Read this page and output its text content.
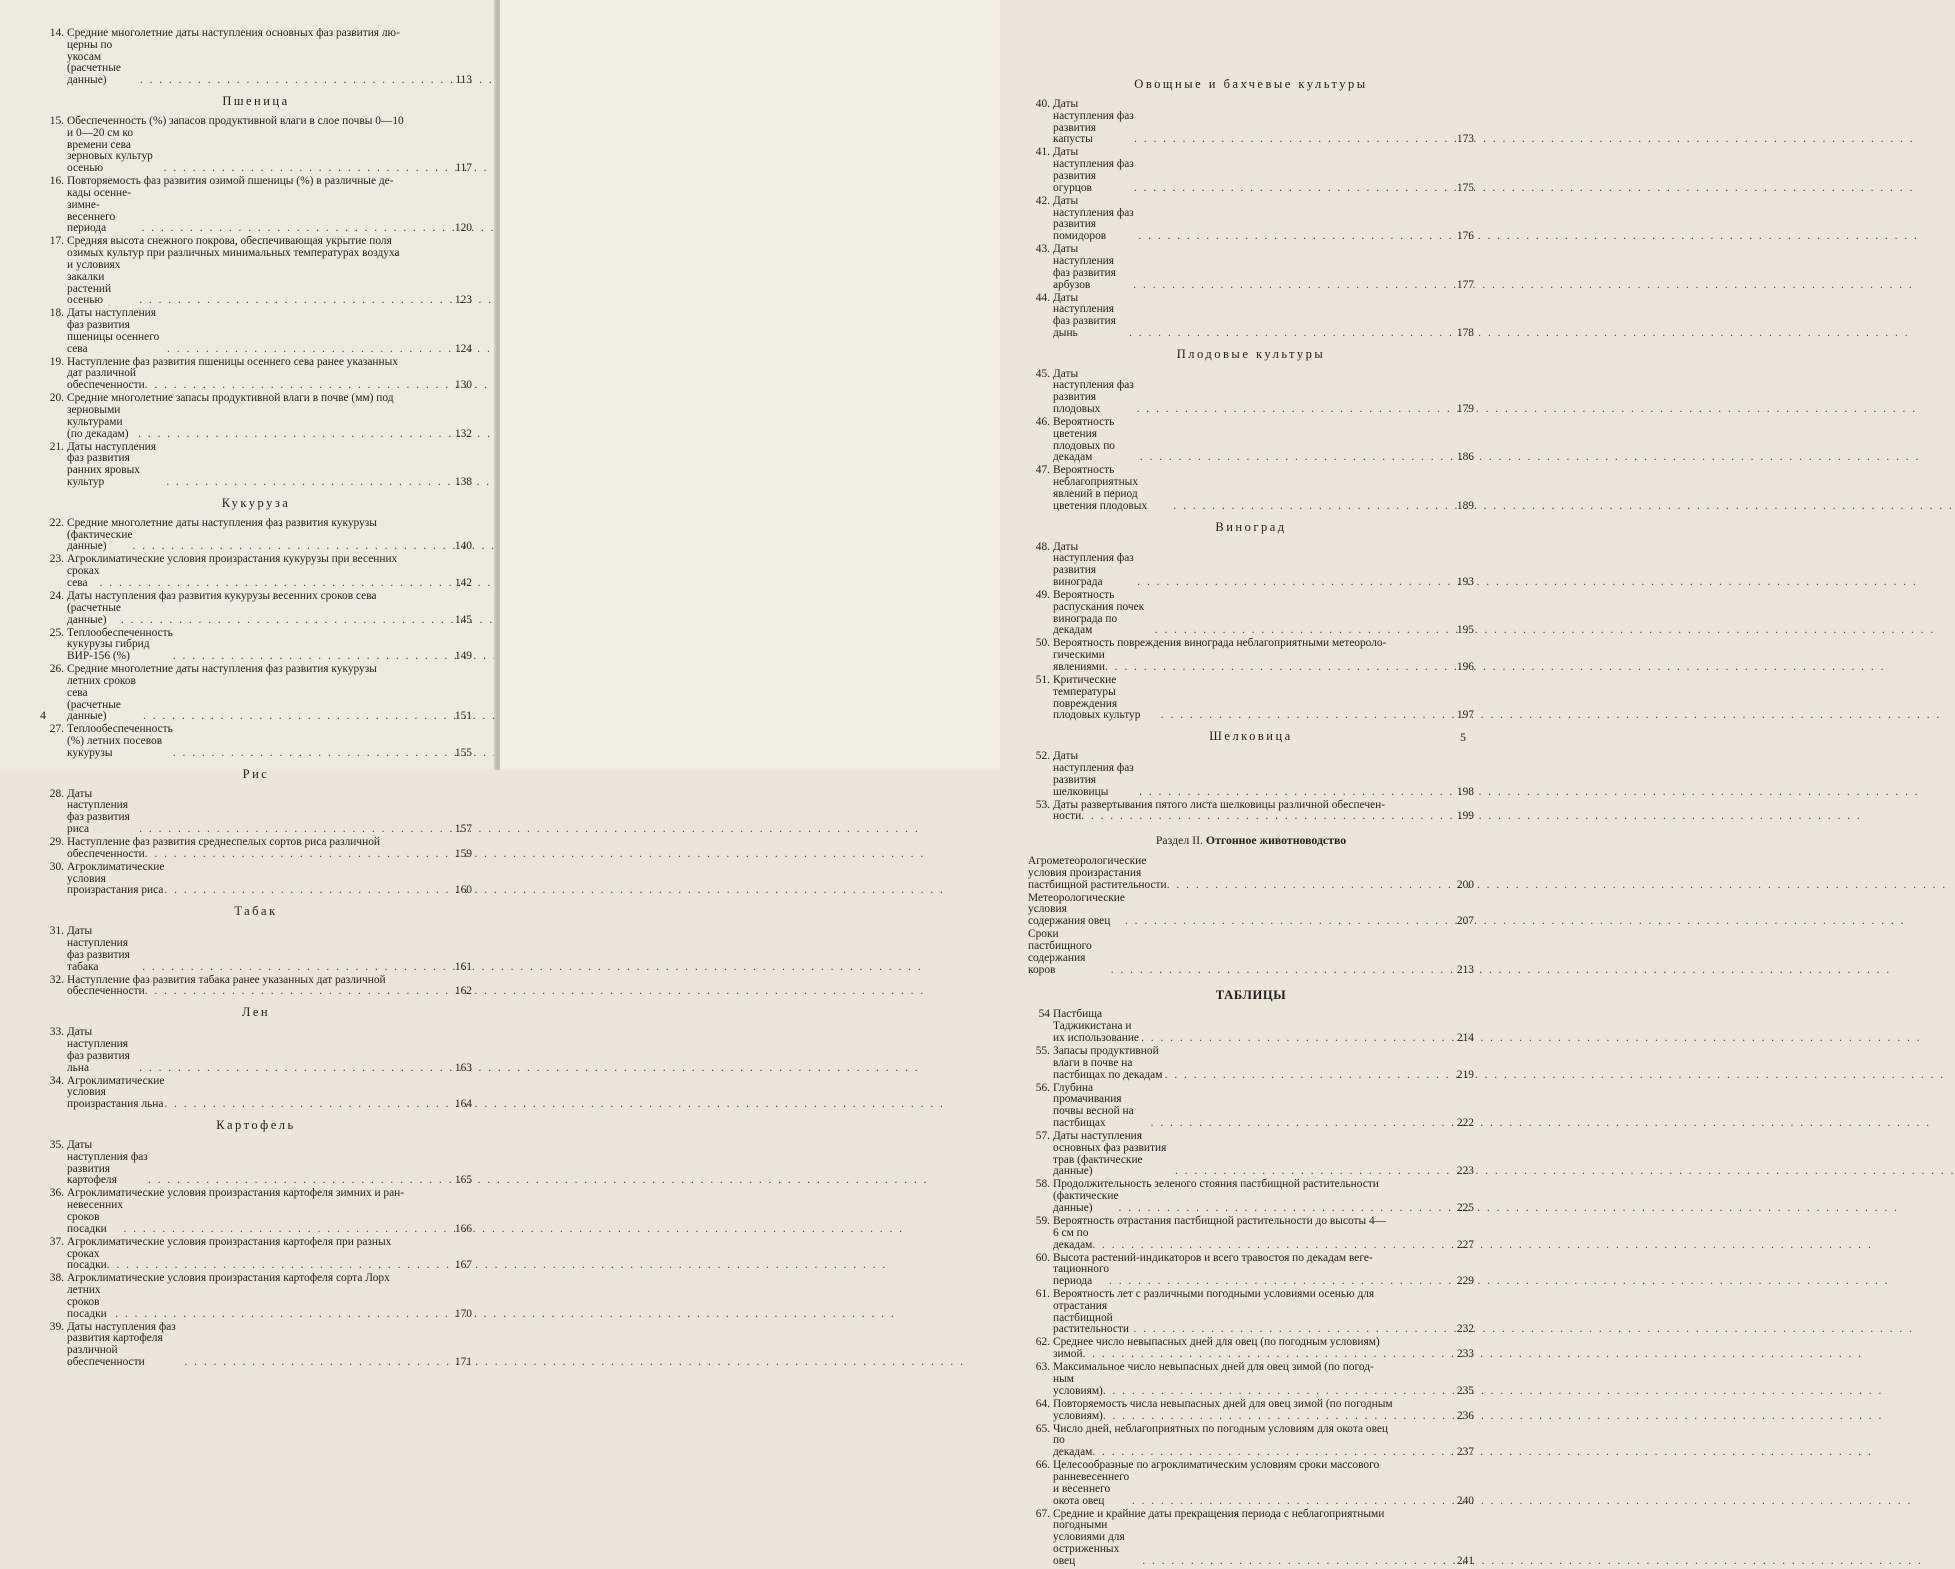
14. Средние многолетние даты наступления основных фаз развития лю-
церны по укосам (расчетные данные) . . .	113
Пшеница
15. Обеспеченность (%) запасов продуктивной влаги в слое почвы 0—10
и 0—20 см ко времени сева зерновых культур осенью . . .	117
16. Повторяемость фаз развития озимой пшеницы (%) в различные де-
кады осенне-зимне-весеннего периода . . .	120
17. Средняя высота снежного покрова, обеспечивающая укрытие поля
озимых культур при различных минимальных температурах воздуха
и условиях закалки растений осенью . . .	123
18. Даты наступления фаз развития пшеницы осеннего сева . . .	124
19. Наступление фаз развития пшеницы осеннего сева ранее указанных
дат различной обеспеченности . . .	130
20. Средние многолетние запасы продуктивной влаги в почве (мм) под
зерновыми культурами (по декадам) . . .	132
21. Даты наступления фаз развития ранних яровых культур . . .	138
Кукуруза
22. Средние многолетние даты наступления фаз развития кукурузы
(фактические данные) . . .	140
23. Агроклиматические условия произрастания кукурузы при весенних
сроках сева . . .	142
24. Даты наступления фаз развития кукурузы весенних сроков сева
(расчетные данные) . . .	145
25. Теплообеспеченность кукурузы гибрид ВИР-156 (%) . . .	149
26. Средние многолетние даты наступления фаз развития кукурузы
летних сроков сева (расчетные данные) . . .	151
27. Теплообеспеченность (%) летних посевов кукурузы . . .	155
Рис
28. Даты наступления фаз развития риса . . .	157
29. Наступление фаз развития среднеспелых сортов риса различной
обеспеченности . . .	159
30. Агроклиматические условия произрастания риса . . .	160
Табак
31. Даты наступления фаз развития табака . . .	161
32. Наступление фаз развития табака ранее указанных дат различной
обеспеченности . . .	162
Лен
33. Даты наступления фаз развития льна . . .	163
34. Агроклиматические условия произрастания льна . . .	164
Картофель
35. Даты наступления фаз развития картофеля . . .	165
36. Агроклиматические условия произрастания картофеля зимних и ран-
невесенних сроков посадки . . .	166
37. Агроклиматические условия произрастания картофеля при разных
сроках посадки . . .	167
38. Агроклиматические условия произрастания картофеля сорта Лорх
летних сроков посадки . . .	170
39. Даты наступления фаз развития картофеля различной обеспеченности . . .	171
4
Овощные и бахчевые культуры
40. Даты наступления фаз развития капусты . . .	173
41. Даты наступления фаз развития огурцов . . .	175
42. Даты наступления фаз развития помидоров . . .	176
43. Даты наступления фаз развития арбузов . . .	177
44. Даты наступления фаз развития дынь . . .	178
Плодовые культуры
45. Даты наступления фаз развития плодовых . . .	179
46. Вероятность цветения плодовых по декадам . . .	186
47. Вероятность неблагоприятных явлений в период цветения плодовых . . .	189
Виноград
48. Даты наступления фаз развития винограда . . .	193
49. Вероятность распускания почек винограда по декадам . . .	195
50. Вероятность повреждения винограда неблагоприятными метеороло-
гическими явлениями . . .	196
51. Критические температуры повреждения плодовых культур . . .	197
Шелковица
52. Даты наступления фаз развития шелковицы . . .	198
53. Даты развертывания пятого листа шелковицы различной обеспечен-
ности . . .	199
Раздел II. Отгонное животноводство
Агрометеорологические условия произрастания пастбищной растительности . . .	200
Метеорологические условия содержания овец . . .	207
Сроки пастбищного содержания коров . . .	213
ТАБЛИЦЫ
54 Пастбища Таджикистана и их использование . . .	214
55. Запасы продуктивной влаги в почве на пастбищах по декадам . . .	219
56. Глубина промачивания почвы весной на пастбищах . . .	222
57. Даты наступления основных фаз развития трав (фактические данные) . . .	223
58. Продолжительность зеленого стояния пастбищной растительности
(фактические данные) . . .	225
59. Вероятность отрастания пастбищной растительности до высоты 4—
6 см по декадам . . .	227
60. Высота растений-индикаторов и всего травостоя по декадам веге-
тационного периода . . .	229
61. Вероятность лет с различными погодными условиями осенью для
отрастания пастбищной растительности . . .	232
62. Среднее число невыпасных дней для овец (по погодным условиям)
зимой . . .	233
63. Максимальное число невыпасных дней для овец зимой (по погод-
ным условиям) . . .	235
64. Повторяемость числа невыпасных дней для овец зимой (по погодным
условиям) . . .	236
65. Число дней, неблагоприятных по погодным условиям для окота овец
по декадам . . .	237
66. Целесообразные по агроклиматическим условиям сроки массового
ранневесеннего и весеннего окота овец . . .	240
67. Средние и крайние даты прекращения периода с неблагоприятными
погодными условиями для остриженных овец . . .	241
5
